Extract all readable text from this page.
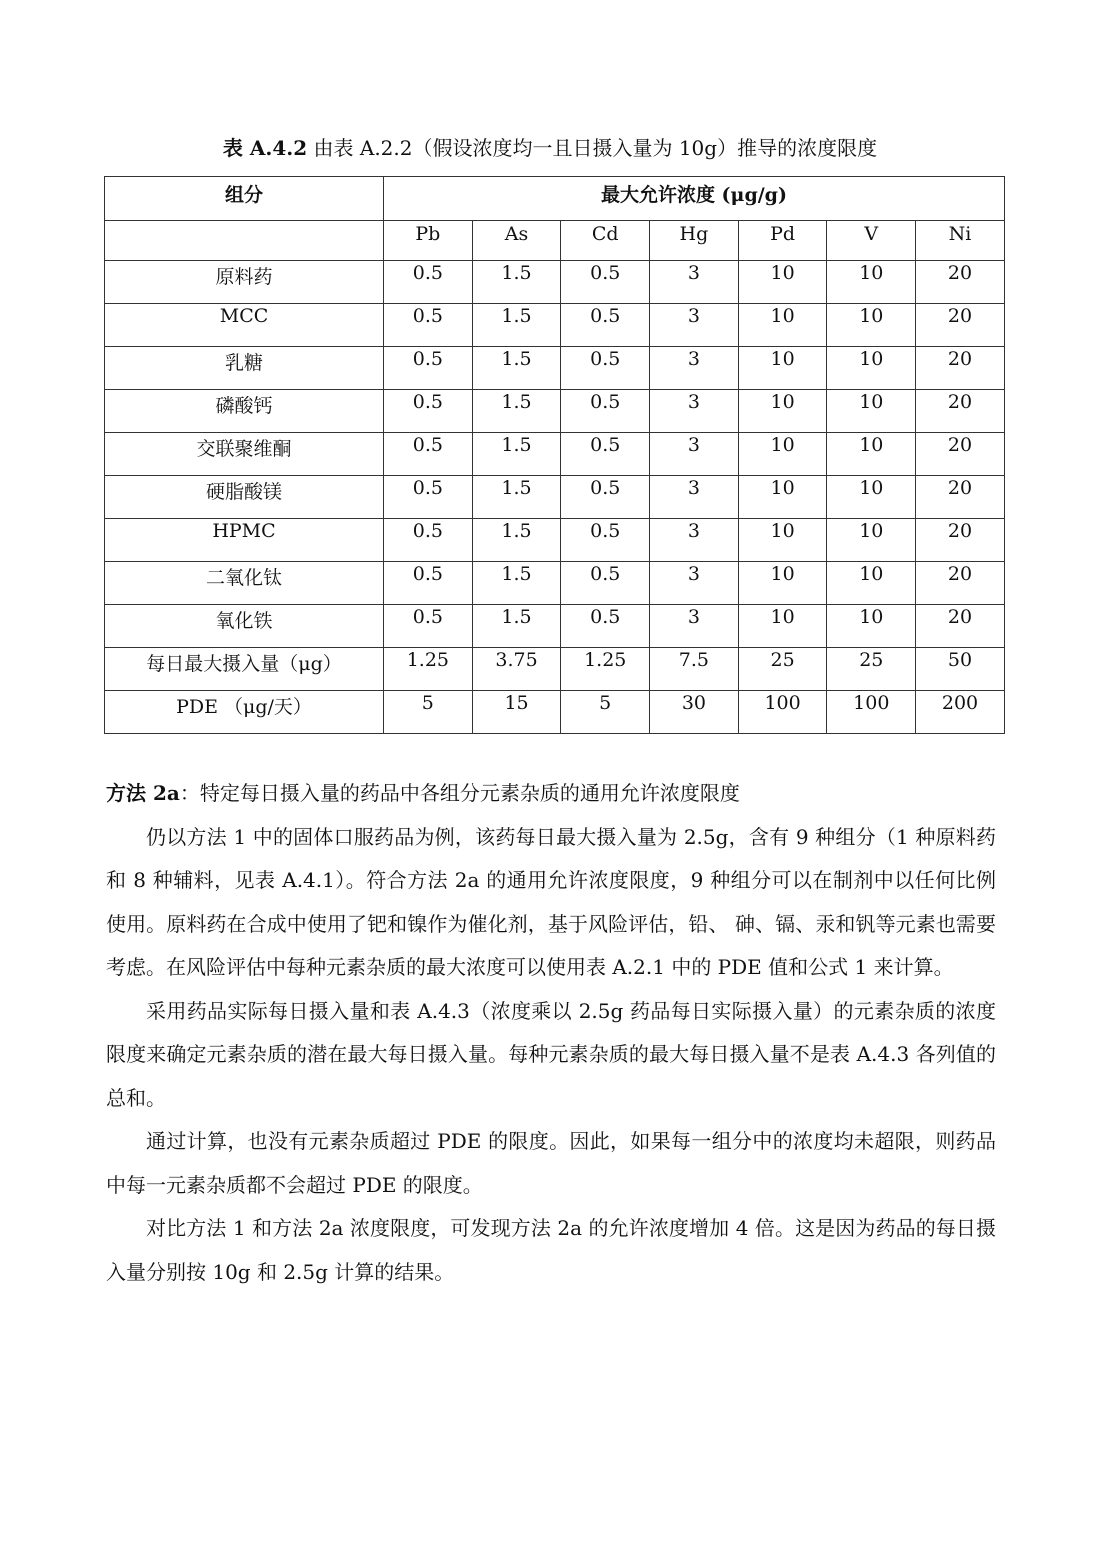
表 A.4.2 由表 A.2.2（假设浓度均一且日摄入量为 10g）推导的浓度限度
组分	最大允许浓度 (μg/g)						
	Pb	As	Cd	Hg	Pd	V	Ni
原料药	0.5	1.5	0.5	3	10	10	20
MCC	0.5	1.5	0.5	3	10	10	20
乳糖	0.5	1.5	0.5	3	10	10	20
磷酸钙	0.5	1.5	0.5	3	10	10	20
交联聚维酮	0.5	1.5	0.5	3	10	10	20
硬脂酸镁	0.5	1.5	0.5	3	10	10	20
HPMC	0.5	1.5	0.5	3	10	10	20
二氧化钛	0.5	1.5	0.5	3	10	10	20
氧化铁	0.5	1.5	0.5	3	10	10	20
每日最大摄入量（μg）	1.25	3.75	1.25	7.5	25	25	50
PDE （μg/天）	5	15	5	30	100	100	200

方法 2a：特定每日摄入量的药品中各组分元素杂质的通用允许浓度限度

仍以方法 1 中的固体口服药品为例，该药每日最大摄入量为 2.5g，含有 9 种组分（1 种原料药和 8 种辅料，见表 A.4.1）。符合方法 2a 的通用允许浓度限度，9 种组分可以在制剂中以任何比例使用。原料药在合成中使用了钯和镍作为催化剂，基于风险评估，铅、 砷、镉、汞和钒等元素也需要考虑。在风险评估中每种元素杂质的最大浓度可以使用表 A.2.1 中的 PDE 值和公式 1 来计算。

采用药品实际每日摄入量和表 A.4.3（浓度乘以 2.5g 药品每日实际摄入量）的元素杂质的浓度限度来确定元素杂质的潜在最大每日摄入量。每种元素杂质的最大每日摄入量不是表 A.4.3 各列值的总和。

通过计算，也没有元素杂质超过 PDE 的限度。因此，如果每一组分中的浓度均未超限，则药品中每一元素杂质都不会超过 PDE 的限度。

对比方法 1 和方法 2a 浓度限度，可发现方法 2a 的允许浓度增加 4 倍。这是因为药品的每日摄入量分别按 10g 和 2.5g 计算的结果。
